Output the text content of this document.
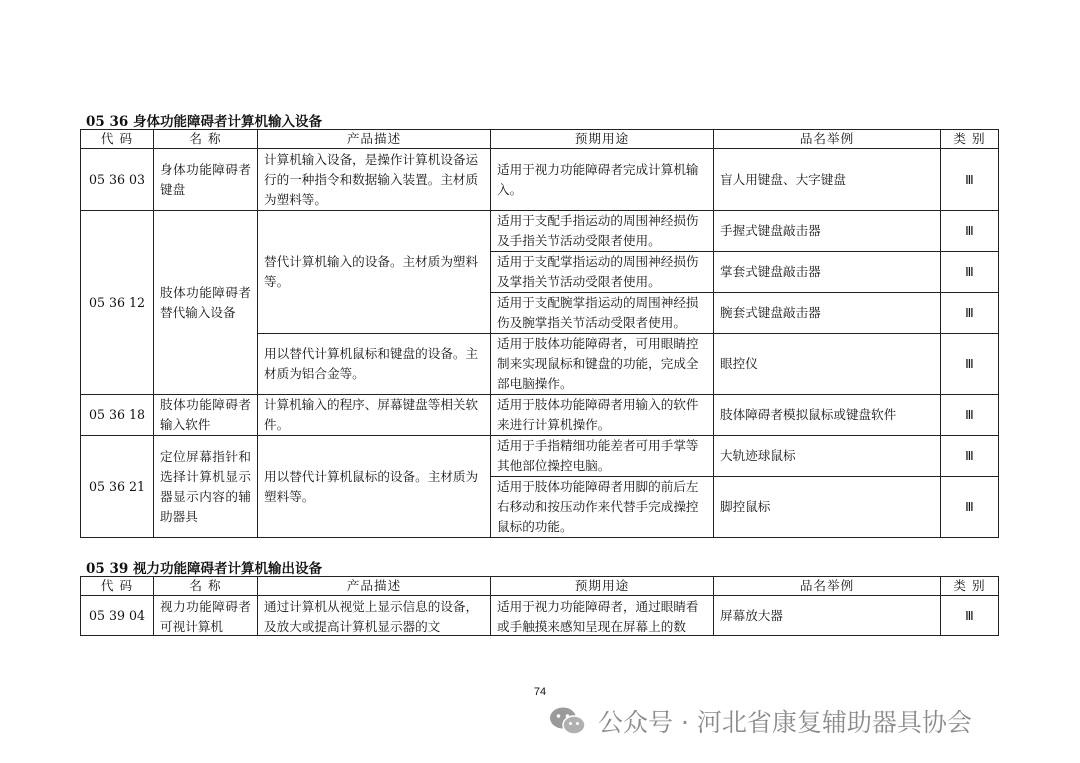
05 36 身体功能障碍者计算机输入设备
代 码	名 称	产品描述	预期用途	品名举例	类 别
05 36 03	身体功能障碍者键盘	计算机输入设备，是操作计算机设备运行的一种指令和数据输入装置。主材质为塑料等。	适用于视力功能障碍者完成计算机输入。	盲人用键盘、大字键盘	Ⅲ
05 36 12	肢体功能障碍者替代输入设备	替代计算机输入的设备。主材质为塑料等。	适用于支配手指运动的周围神经损伤及手指关节活动受限者使用。	手握式键盘敲击器	Ⅲ
			适用于支配掌指运动的周围神经损伤及掌指关节活动受限者使用。	掌套式键盘敲击器	Ⅲ
			适用于支配腕掌指运动的周围神经损伤及腕掌指关节活动受限者使用。	腕套式键盘敲击器	Ⅲ
		用以替代计算机鼠标和键盘的设备。主材质为铝合金等。	适用于肢体功能障碍者，可用眼睛控制来实现鼠标和键盘的功能，完成全部电脑操作。	眼控仪	Ⅲ
05 36 18	肢体功能障碍者输入软件	计算机输入的程序、屏幕键盘等相关软件。	适用于肢体功能障碍者用输入的软件来进行计算机操作。	肢体障碍者模拟鼠标或键盘软件	Ⅲ
05 36 21	定位屏幕指针和选择计算机显示器显示内容的辅助器具	用以替代计算机鼠标的设备。主材质为塑料等。	适用于手指精细功能差者可用手掌等其他部位操控电脑。	大轨迹球鼠标	Ⅲ
			适用于肢体功能障碍者用脚的前后左右移动和按压动作来代替手完成操控鼠标的功能。	脚控鼠标	Ⅲ
05 39 视力功能障碍者计算机输出设备
代 码	名 称	产品描述	预期用途	品名举例	类 别
05 39 04	视力功能障碍者可视计算机	通过计算机从视觉上显示信息的设备，及放大或提高计算机显示器的文	适用于视力功能障碍者，通过眼睛看或手触摸来感知呈现在屏幕上的数	屏幕放大器	Ⅲ
74
公众号 · 河北省康复辅助器具协会
